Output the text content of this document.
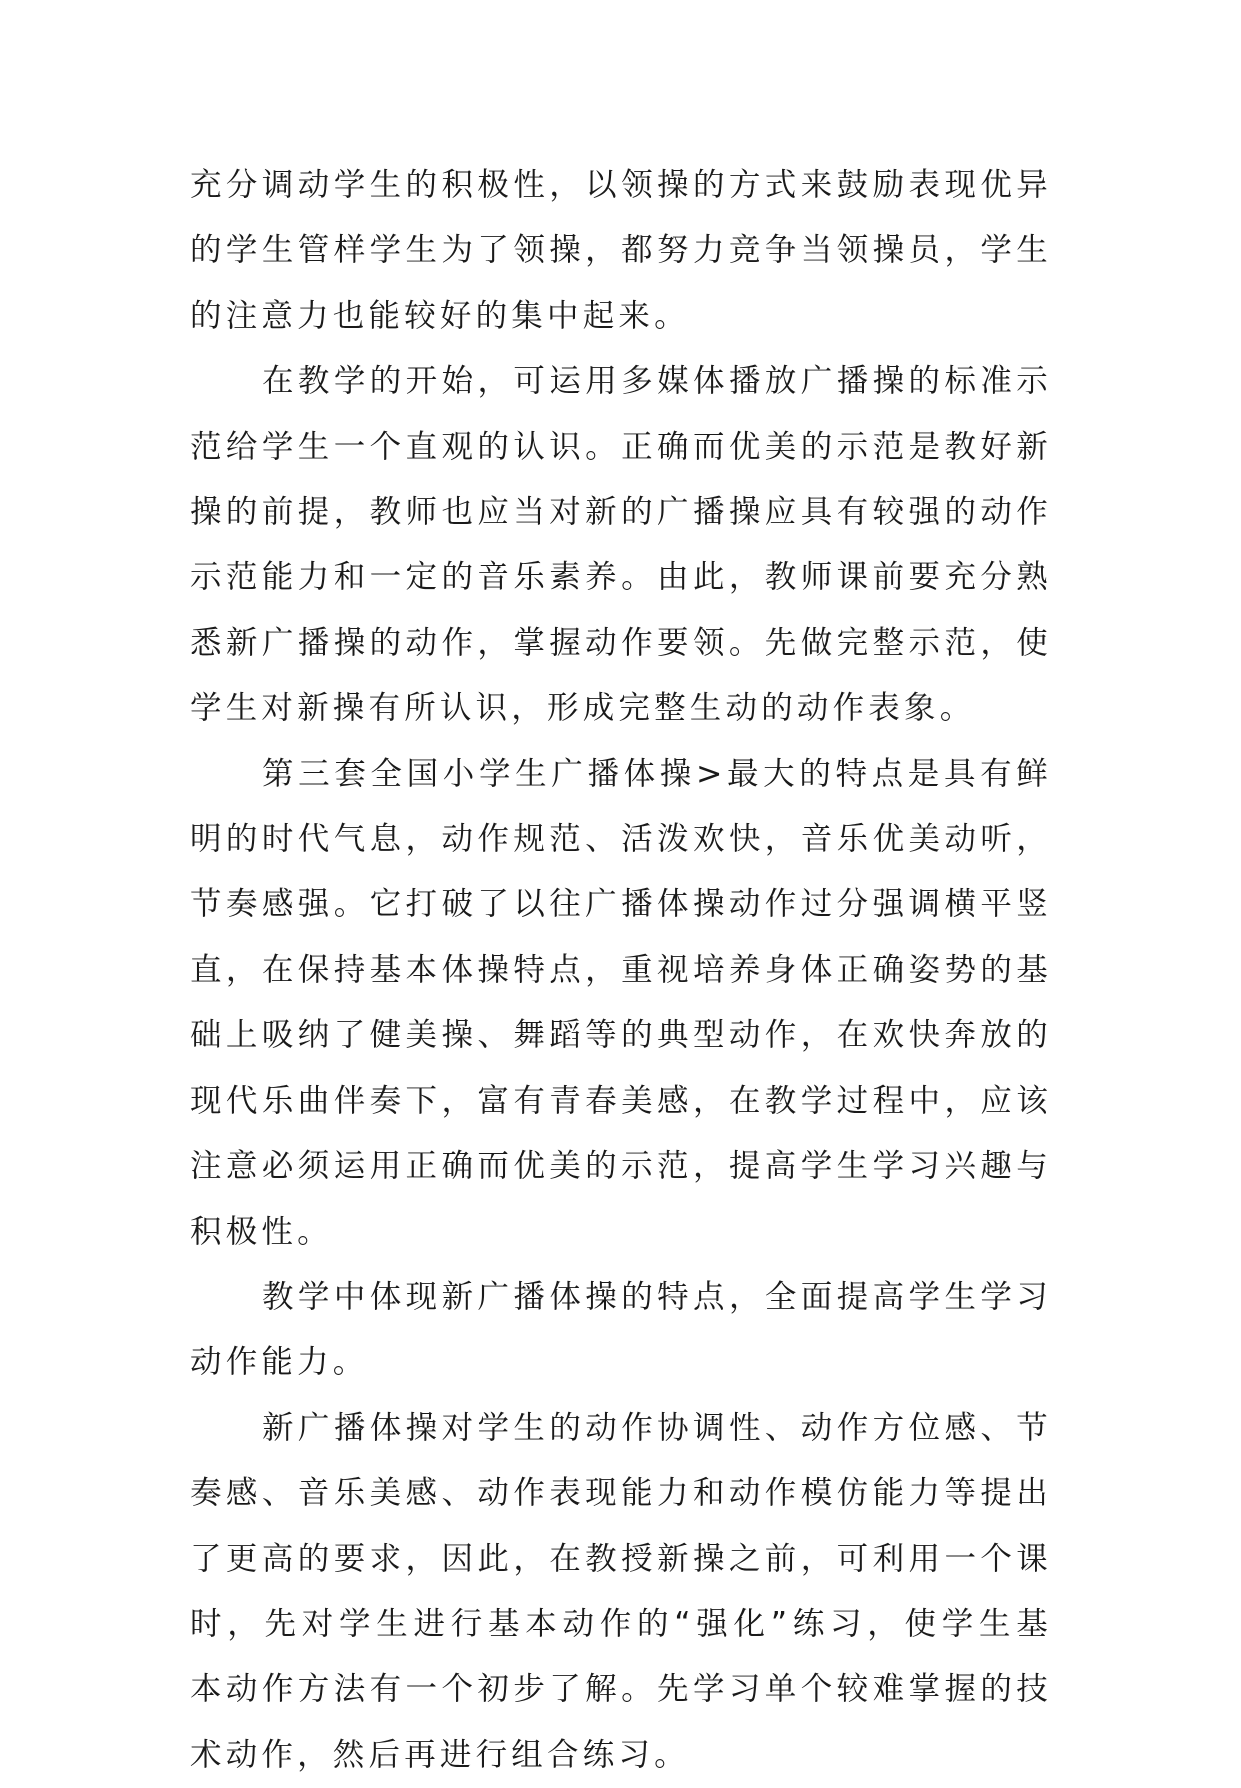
充分调动学生的积极性，以领操的方式来鼓励表现优异的学生管样学生为了领操，都努力竞争当领操员，学生的注意力也能较好的集中起来。

在教学的开始，可运用多媒体播放广播操的标准示范给学生一个直观的认识。正确而优美的示范是教好新操的前提，教师也应当对新的广播操应具有较强的动作示范能力和一定的音乐素养。由此，教师课前要充分熟悉新广播操的动作，掌握动作要领。先做完整示范，使学生对新操有所认识，形成完整生动的动作表象。

第三套全国小学生广播体操>最大的特点是具有鲜明的时代气息，动作规范、活泼欢快，音乐优美动听，节奏感强。它打破了以往广播体操动作过分强调横平竖直，在保持基本体操特点，重视培养身体正确姿势的基础上吸纳了健美操、舞蹈等的典型动作，在欢快奔放的现代乐曲伴奏下，富有青春美感，在教学过程中，应该注意必须运用正确而优美的示范，提高学生学习兴趣与积极性。

教学中体现新广播体操的特点，全面提高学生学习动作能力。

新广播体操对学生的动作协调性、动作方位感、节奏感、音乐美感、动作表现能力和动作模仿能力等提出了更高的要求，因此，在教授新操之前，可利用一个课时，先对学生进行基本动作的“强化”练习，使学生基本动作方法有一个初步了解。先学习单个较难掌握的技术动作，然后再进行组合练习。
